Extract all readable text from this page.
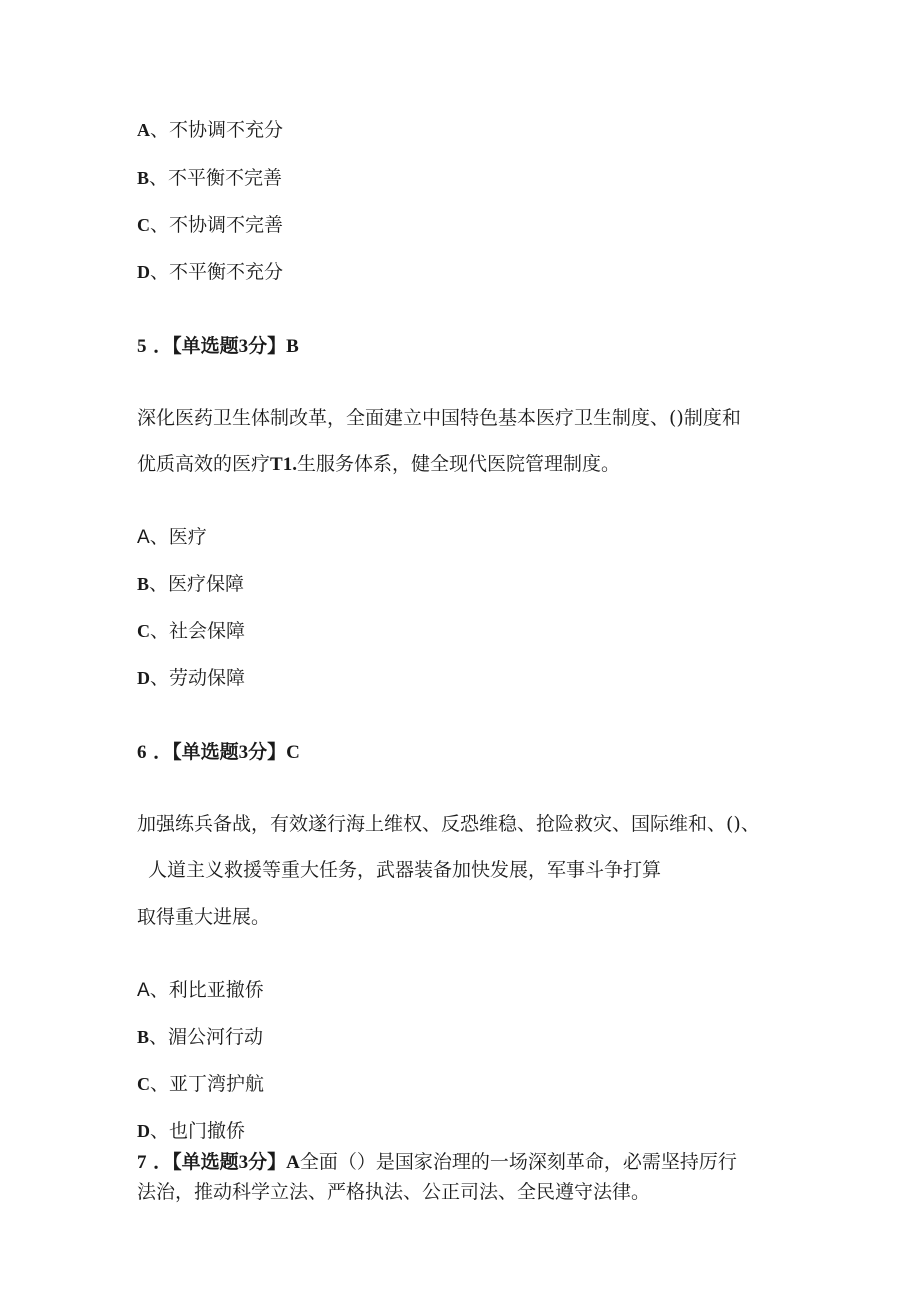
A、不协调不充分
B、不平衡不完善
C、不协调不完善
D、不平衡不充分
5 ．【单选题3分】B
深化医药卫生体制改革，全面建立中国特色基本医疗卫生制度、()制度和
优质高效的医疗T1.生服务体系，健全现代医院管理制度。
A、医疗
B、医疗保障
C、社会保障
D、劳动保障
6 ．【单选题3分】C
加强练兵备战，有效遂行海上维权、反恐维稳、抢险救灾、国际维和、()、
人道主义救援等重大任务，武器装备加快发展，军事斗争打算
取得重大进展。
A、利比亚撤侨
B、湄公河行动
C、亚丁湾护航
D、也门撤侨
7 ．【单选题3分】A全面（）是国家治理的一场深刻革命，必需坚持厉行
法治，推动科学立法、严格执法、公正司法、全民遵守法律。
